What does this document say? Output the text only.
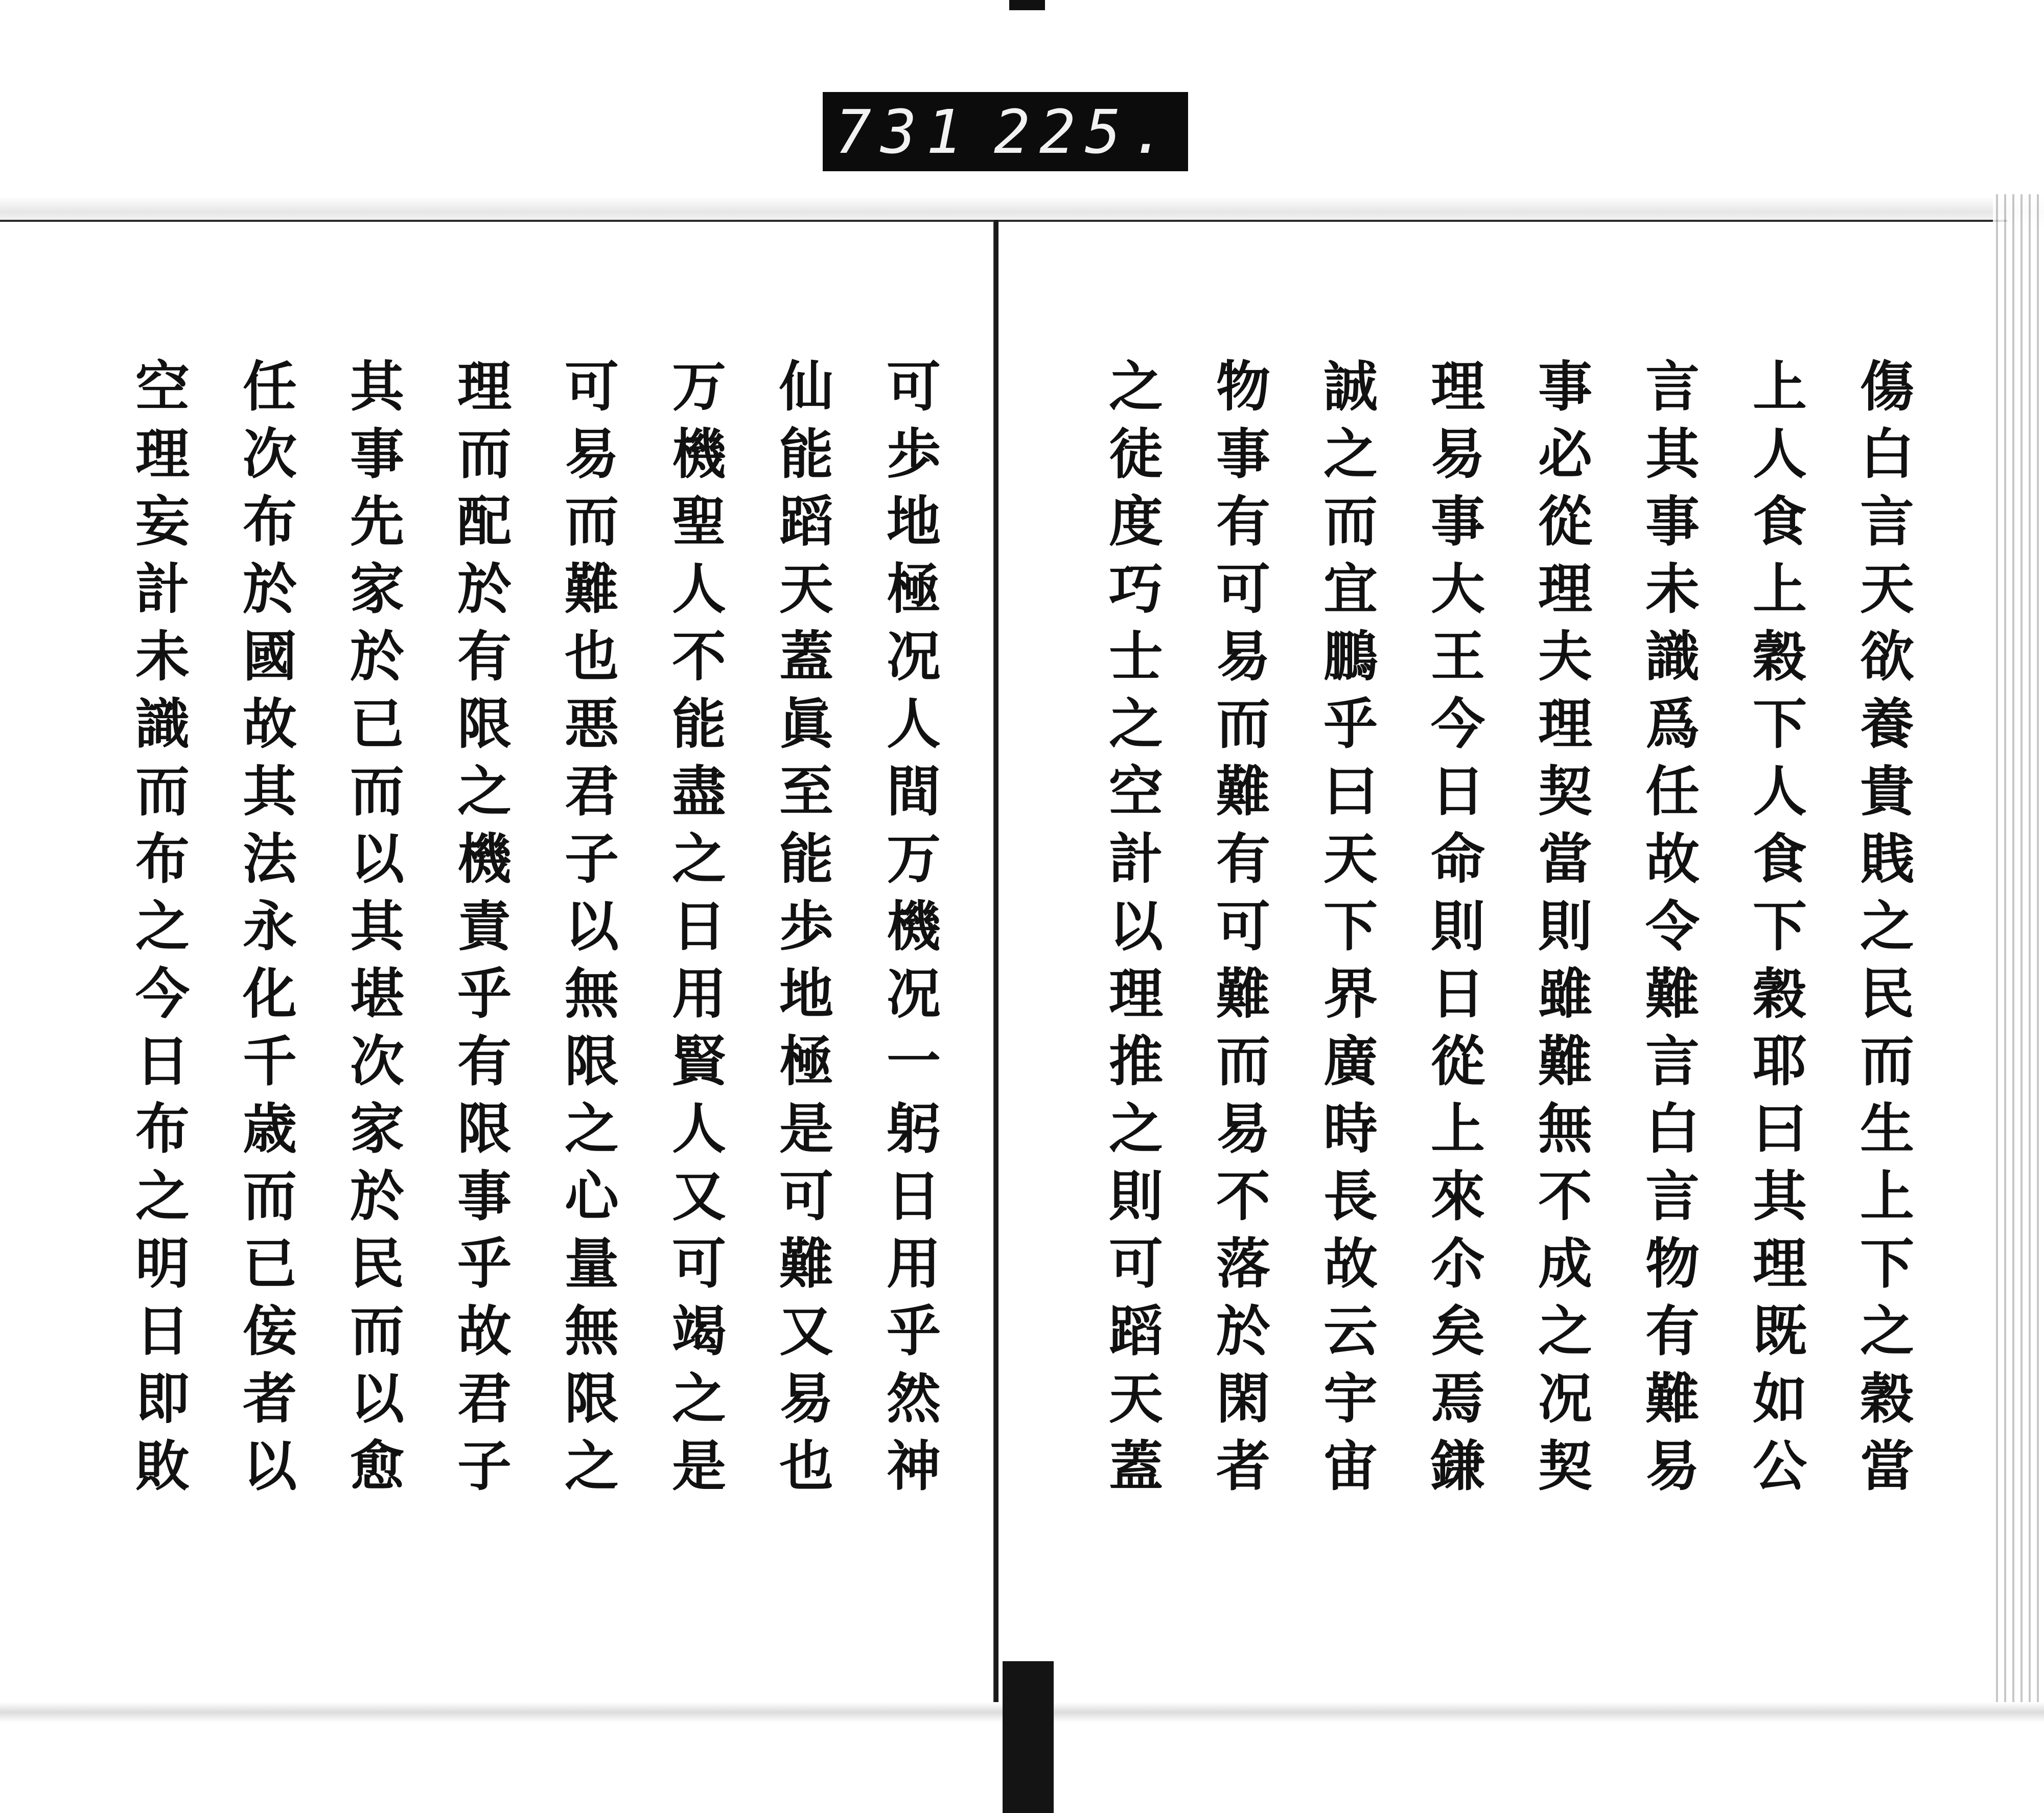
731 225.
傷白言天欲養貴賎之民而生上下之穀當
上人食上穀下人食下穀耶曰其理既如公
言其事未識爲任故令難言白言物有難易
事必從理夫理契當則雖難無不成之况契
理易事大王今日命則日從上來尒矣焉鎌
誠之而宜鵬乎曰天下界廣時長故云宇宙
物事有可易而難有可難而易不落於閑者
之徒度巧士之空計以理推之則可蹈天蓋
可歩地極况人間万機况一躬日用乎然神
仙能蹈天蓋眞至能歩地極是可難又易也
万機聖人不能盡之日用賢人又可竭之是
可易而難也悪君子以無限之心量無限之
理而配於有限之機責乎有限事乎故君子
其事先家於已而以其堪次家於民而以愈
任次布於國故其法永化千歳而已侫者以
空理妄計未識而布之今日布之明日即敗
